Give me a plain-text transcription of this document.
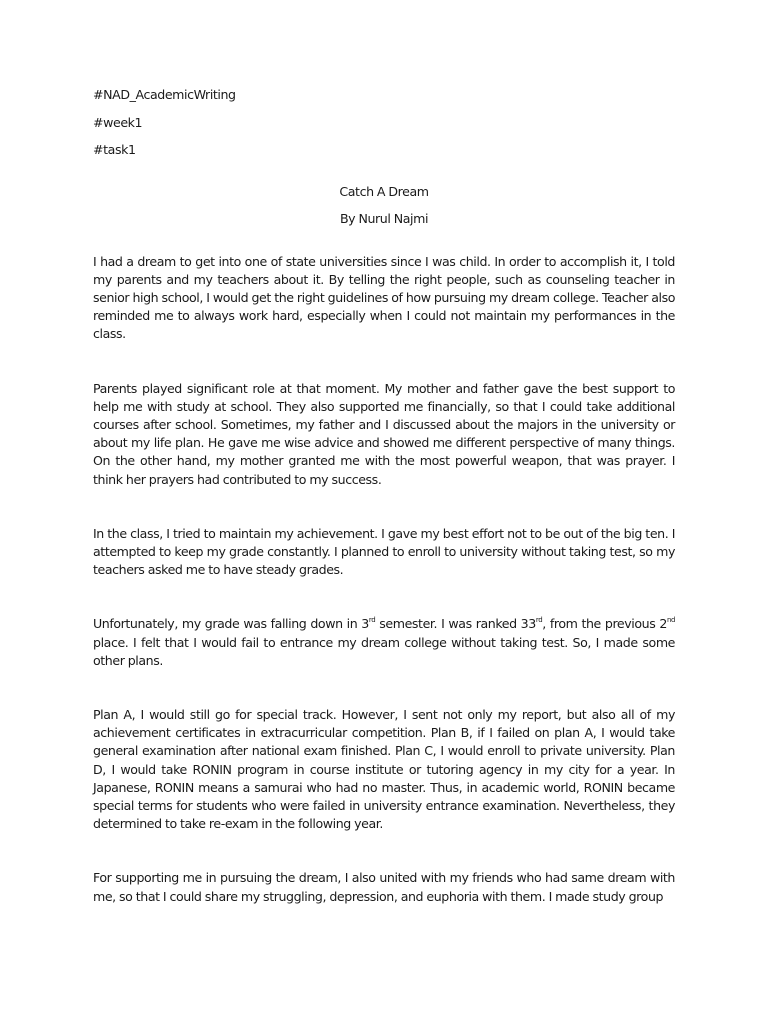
#NAD_AcademicWriting
#week1
#task1
Catch A Dream
By Nurul Najmi

I had a dream to get into one of state universities since I was child. In order to accomplish it, I told my parents and my teachers about it. By telling the right people, such as counseling teacher in senior high school, I would get the right guidelines of how pursuing my dream college. Teacher also reminded me to always work hard, especially when I could not maintain my performances in the class.

Parents played significant role at that moment. My mother and father gave the best support to help me with study at school. They also supported me financially, so that I could take additional courses after school. Sometimes, my father and I discussed about the majors in the university or about my life plan. He gave me wise advice and showed me different perspective of many things. On the other hand, my mother granted me with the most powerful weapon, that was prayer. I think her prayers had contributed to my success.

In the class, I tried to maintain my achievement. I gave my best effort not to be out of the big ten. I attempted to keep my grade constantly. I planned to enroll to university without taking test, so my teachers asked me to have steady grades.

Unfortunately, my grade was falling down in 3rd semester. I was ranked 33rd, from the previous 2nd place. I felt that I would fail to entrance my dream college without taking test. So, I made some other plans.

Plan A, I would still go for special track. However, I sent not only my report, but also all of my achievement certificates in extracurricular competition. Plan B, if I failed on plan A, I would take general examination after national exam finished. Plan C, I would enroll to private university. Plan D, I would take RONIN program in course institute or tutoring agency in my city for a year. In Japanese, RONIN means a samurai who had no master. Thus, in academic world, RONIN became special terms for students who were failed in university entrance examination. Nevertheless, they determined to take re-exam in the following year.

For supporting me in pursuing the dream, I also united with my friends who had same dream with me, so that I could share my struggling, depression, and euphoria with them. I made study group
